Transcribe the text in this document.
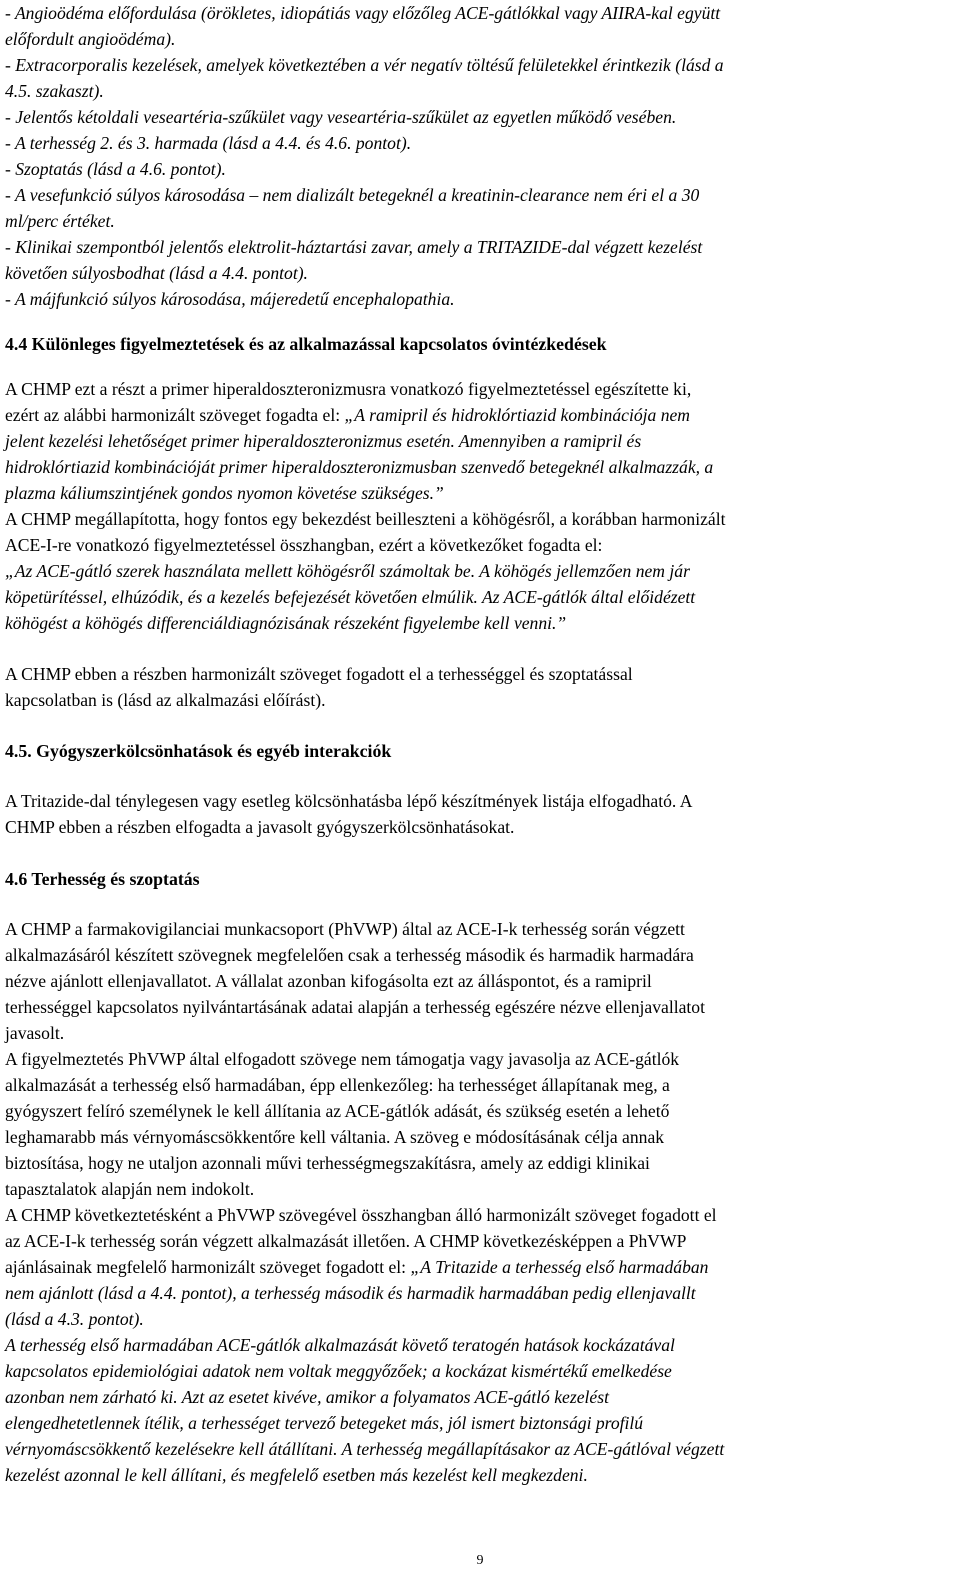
- Angioödéma előfordulása (örökletes, idiopátiás vagy előzőleg ACE-gátlókkal vagy AIIRA-kal együtt
előfordult angioödéma).
- Extracorporalis kezelések, amelyek következtében a vér negatív töltésű felületekkel érintkezik (lásd a
4.5. szakaszt).
- Jelentős kétoldali veseartéria-szűkület vagy veseartéria-szűkület az egyetlen működő vesében.
- A terhesség 2. és 3. harmada (lásd a 4.4. és 4.6. pontot).
- Szoptatás (lásd a 4.6. pontot).
- A vesefunkció súlyos károsodása – nem dializált betegeknél a kreatinin-clearance nem éri el a 30
ml/perc értéket.
- Klinikai szempontból jelentős elektrolit-háztartási zavar, amely a TRITAZIDE-dal végzett kezelést
követően súlyosbodhat (lásd a 4.4. pontot).
- A májfunkció súlyos károsodása, májeredetű encephalopathia.
4.4 Különleges figyelmeztetések és az alkalmazással kapcsolatos óvintézkedések
A CHMP ezt a részt a primer hiperaldoszteronizmusra vonatkozó figyelmeztetéssel egészítette ki,
ezért az alábbi harmonizált szöveget fogadta el: „A ramipril és hidroklórtiazid kombinációja nem
jelent kezelési lehetőséget primer hiperaldoszteronizmus esetén. Amennyiben a ramipril és
hidroklórtiazid kombinációját primer hiperaldoszteronizmusban szenvedő betegeknél alkalmazzák, a
plazma káliumszintjének gondos nyomon követése szükséges.”
A CHMP megállapította, hogy fontos egy bekezdést beilleszteni a köhögésről, a korábban harmonizált
ACE-I-re vonatkozó figyelmeztetéssel összhangban, ezért a következőket fogadta el:
„Az ACE-gátló szerek használata mellett köhögésről számoltak be. A köhögés jellemzően nem jár
köpetürítéssel, elhúzódik, és a kezelés befejezését követően elmúlik. Az ACE-gátlók által előidézett
köhögést a köhögés differenciáldiagnózisának részeként figyelembe kell venni.”
A CHMP ebben a részben harmonizált szöveget fogadott el a terhességgel és szoptatással
kapcsolatban is (lásd az alkalmazási előírást).
4.5. Gyógyszerkölcsönhatások és egyéb interakciók
A Tritazide-dal ténylegesen vagy esetleg kölcsönhatásba lépő készítmények listája elfogadható. A
CHMP ebben a részben elfogadta a javasolt gyógyszerkölcsönhatásokat.
4.6 Terhesség és szoptatás
A CHMP a farmakovigilanciai munkacsoport (PhVWP) által az ACE-I-k terhesség során végzett
alkalmazásáról készített szövegnek megfelelően csak a terhesség második és harmadik harmadára
nézve ajánlott ellenjavallatot. A vállalat azonban kifogásolta ezt az álláspontot, és a ramipril
terhességgel kapcsolatos nyilvántartásának adatai alapján a terhesség egészére nézve ellenjavallatot
javasolt.
A figyelmeztetés PhVWP által elfogadott szövege nem támogatja vagy javasolja az ACE-gátlók
alkalmazását a terhesség első harmadában, épp ellenkezőleg: ha terhességet állapítanak meg, a
gyógyszert felíró személynek le kell állítania az ACE-gátlók adását, és szükség esetén a lehető
leghamarabb más vérnyomáscsökkentőre kell váltania. A szöveg e módosításának célja annak
biztosítása, hogy ne utaljon azonnali művi terhességmegszakításra, amely az eddigi klinikai
tapasztalatok alapján nem indokolt.
A CHMP következtetésként a PhVWP szövegével összhangban álló harmonizált szöveget fogadott el
az ACE-I-k terhesség során végzett alkalmazását illetően. A CHMP következésképpen a PhVWP
ajánlásainak megfelelő harmonizált szöveget fogadott el: „A Tritazide a terhesség első harmadában
nem ajánlott (lásd a 4.4. pontot), a terhesség második és harmadik harmadában pedig ellenjavallt
(lásd a 4.3. pontot).
A terhesség első harmadában ACE-gátlók alkalmazását követő teratogén hatások kockázatával
kapcsolatos epidemiológiai adatok nem voltak meggyőzőek; a kockázat kismértékű emelkedése
azonban nem zárható ki. Azt az esetet kivéve, amikor a folyamatos ACE-gátló kezelést
elengedhetetlennek ítélik, a terhességet tervező betegeket más, jól ismert biztonsági profilú
vérnyomáscsökkentő kezelésekre kell átállítani. A terhesség megállapításakor az ACE-gátlóval végzett
kezelést azonnal le kell állítani, és megfelelő esetben más kezelést kell megkezdeni.
9
